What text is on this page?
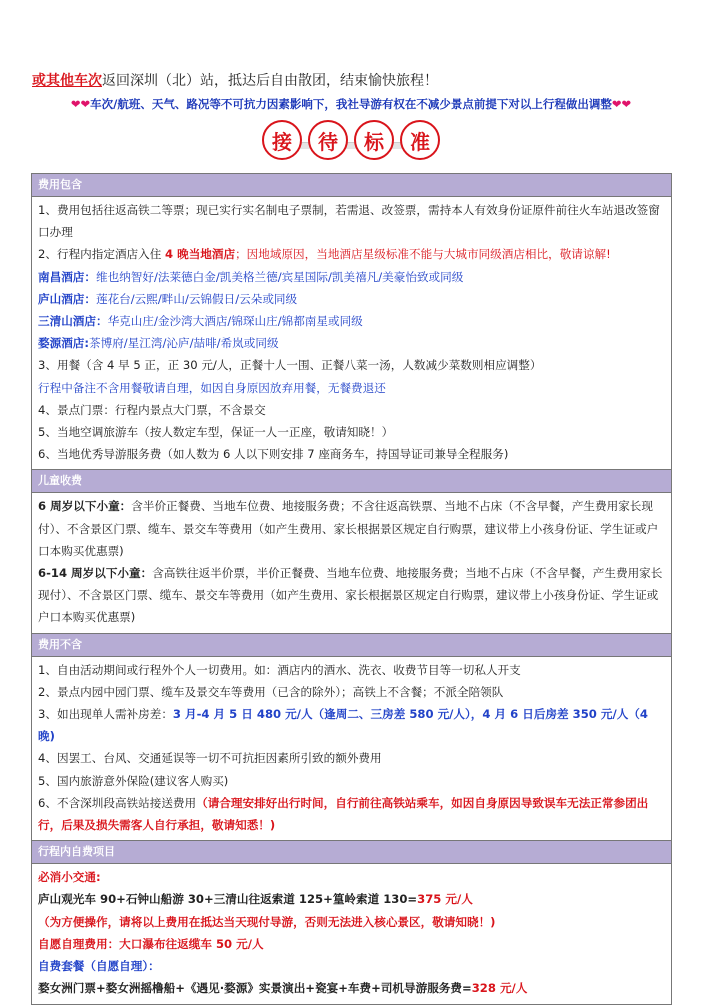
或其他车次返回深圳（北）站，抵达后自由散团，结束愉快旅程！
❤❤车次/航班、天气、路况等不可抗力因素影响下，我社导游有权在不减少景点前提下对以上行程做出调整❤❤
接	待	标	准
费用包含
1、费用包括往返高铁二等票；现已实行实名制电子票制，若需退、改签票，需持本人有效身份证原件前往火车站退改签窗口办理
2、行程内指定酒店入住 4 晚当地酒店；因地域原因，当地酒店星级标准不能与大城市同级酒店相比，敬请谅解!
南昌酒店：维也纳智好/法莱德白金/凯美格兰德/宾星国际/凯美禧凡/美豪怡致或同级
庐山酒店：莲花台/云熙/畔山/云锦假日/云朵或同级
三清山酒店：华克山庄/金沙湾大酒店/锦琛山庄/锦都南星或同级
婺源酒店:茶博府/星江湾/沁庐/喆啡/希岚或同级
3、用餐（含 4 早 5 正，正 30 元/人，正餐十人一围、正餐八菜一汤，人数减少菜数则相应调整）
行程中备注不含用餐敬请自理，如因自身原因放弃用餐，无餐费退还
4、景点门票：行程内景点大门票，不含景交
5、当地空调旅游车（按人数定车型，保证一人一正座，敬请知晓！）
6、当地优秀导游服务费（如人数为 6 人以下则安排 7 座商务车，持国导证司兼导全程服务)
儿童收费
6 周岁以下小童：含半价正餐费、当地车位费、地接服务费；不含往返高铁票、当地不占床（不含早餐，产生费用家长现付）、不含景区门票、缆车、景交车等费用（如产生费用、家长根据景区规定自行购票，建议带上小孩身份证、学生证或户口本购买优惠票)
6-14 周岁以下小童：含高铁往返半价票，半价正餐费、当地车位费、地接服务费；当地不占床（不含早餐，产生费用家长现付）、不含景区门票、缆车、景交车等费用（如产生费用、家长根据景区规定自行购票，建议带上小孩身份证、学生证或户口本购买优惠票)
费用不含
1、自由活动期间或行程外个人一切费用。如：酒店内的酒水、洗衣、收费节目等一切私人开支
2、景点内园中园门票、缆车及景交车等费用（已含的除外）；高铁上不含餐；不派全陪领队
3、如出现单人需补房差：3 月-4 月 5 日 480 元/人（逢周二、三房差 580 元/人），4 月 6 日后房差 350 元/人（4 晚)
4、因罢工、台风、交通延误等一切不可抗拒因素所引致的额外费用
5、国内旅游意外保险(建议客人购买)
6、不含深圳段高铁站接送费用（请合理安排好出行时间，自行前往高铁站乘车，如因自身原因导致误车无法正常参团出行，后果及损失需客人自行承担，敬请知悉！)
行程内自费项目
必消小交通:
庐山观光车 90+石钟山船游 30+三清山往返索道 125+篁岭索道 130=375 元/人
（为方便操作，请将以上费用在抵达当天现付导游，否则无法进入核心景区，敬请知晓！)
自愿自理费用：大口瀑布往返缆车 50 元/人
自费套餐（自愿自理）：
婺女洲门票+婺女洲摇橹船+《遇见·婺源》实景演出+瓷宴+车费+司机导游服务费=328 元/人
